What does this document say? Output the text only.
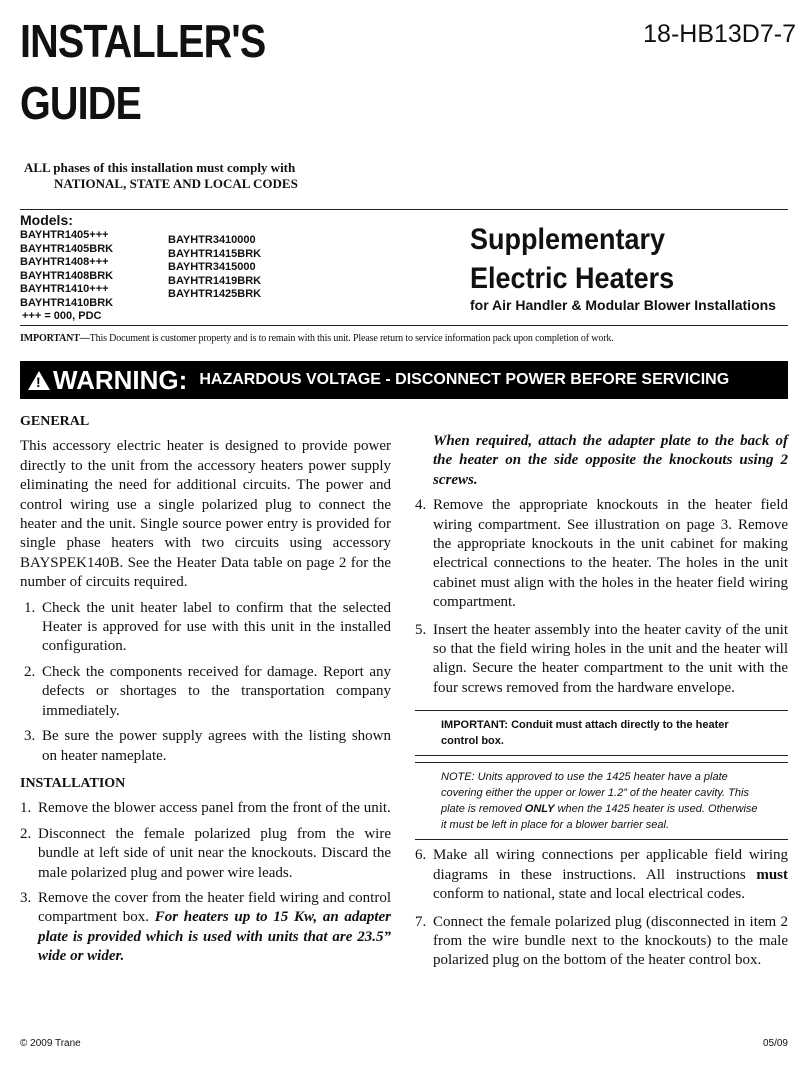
INSTALLER'S
GUIDE
18-HB13D7-7
ALL phases of this installation must comply with
NATIONAL, STATE AND LOCAL CODES
Models:
BAYHTR1405+++
BAYHTR1405BRK
BAYHTR1408+++
BAYHTR1408BRK
BAYHTR1410+++
BAYHTR1410BRK
+++ = 000, PDC
BAYHTR3410000
BAYHTR1415BRK
BAYHTR3415000
BAYHTR1419BRK
BAYHTR1425BRK
Supplementary
Electric Heaters
for Air Handler & Modular Blower Installations
IMPORTANT—This Document is customer property and is to remain with this unit. Please return to service information pack upon completion of work.
!
WARNING: HAZARDOUS VOLTAGE - DISCONNECT POWER BEFORE SERVICING
GENERAL

This accessory electric heater is designed to provide power directly to the unit from the accessory heaters power supply eliminating the need for additional circuits. The power and control wiring use a single polarized plug to connect the heater and the unit. Single source power entry is provided for single phase heaters with two circuits using accessory BAYSPEK140B. See the Heater Data table on page 2 for the number of circuits required.

1. Check the unit heater label to confirm that the selected Heater is approved for use with this unit in the installed configuration.
2. Check the components received for damage. Report any defects or shortages to the transportation company immediately.
3. Be sure the power supply agrees with the listing shown on heater nameplate.
INSTALLATION
1. Remove the blower access panel from the front of the unit.
2. Disconnect the female polarized plug from the wire bundle at left side of unit near the knockouts. Discard the male polarized plug and power wire leads.
3. Remove the cover from the heater field wiring and control compartment box. For heaters up to 15 Kw, an adapter plate is provided which is used with units that are 23.5” wide or wider.

When required, attach the adapter plate to the back of the heater on the side opposite the knockouts using 2 screws.

4. Remove the appropriate knockouts in the heater field wiring compartment. See illustration on page 3. Remove the appropriate knockouts in the unit cabinet for making electrical connections to the heater. The holes in the unit cabinet must align with the holes in the heater field wiring compartment.
5. Insert the heater assembly into the heater cavity of the unit so that the field wiring holes in the unit and the heater will align. Secure the heater compartment to the unit with the four screws removed from the hardware envelope.
IMPORTANT: Conduit must attach directly to the heater control box.
NOTE: Units approved to use the 1425 heater have a plate covering either the upper or lower 1.2” of the heater cavity. This plate is removed ONLY when the 1425 heater is used. Otherwise it must be left in place for a blower barrier seal.
6. Make all wiring connections per applicable field wiring diagrams in these instructions. All instructions must conform to national, state and local electrical codes.
7. Connect the female polarized plug (disconnected in item 2 from the wire bundle next to the knockouts) to the male polarized plug on the bottom of the heater control box.
© 2009 Trane	05/09
